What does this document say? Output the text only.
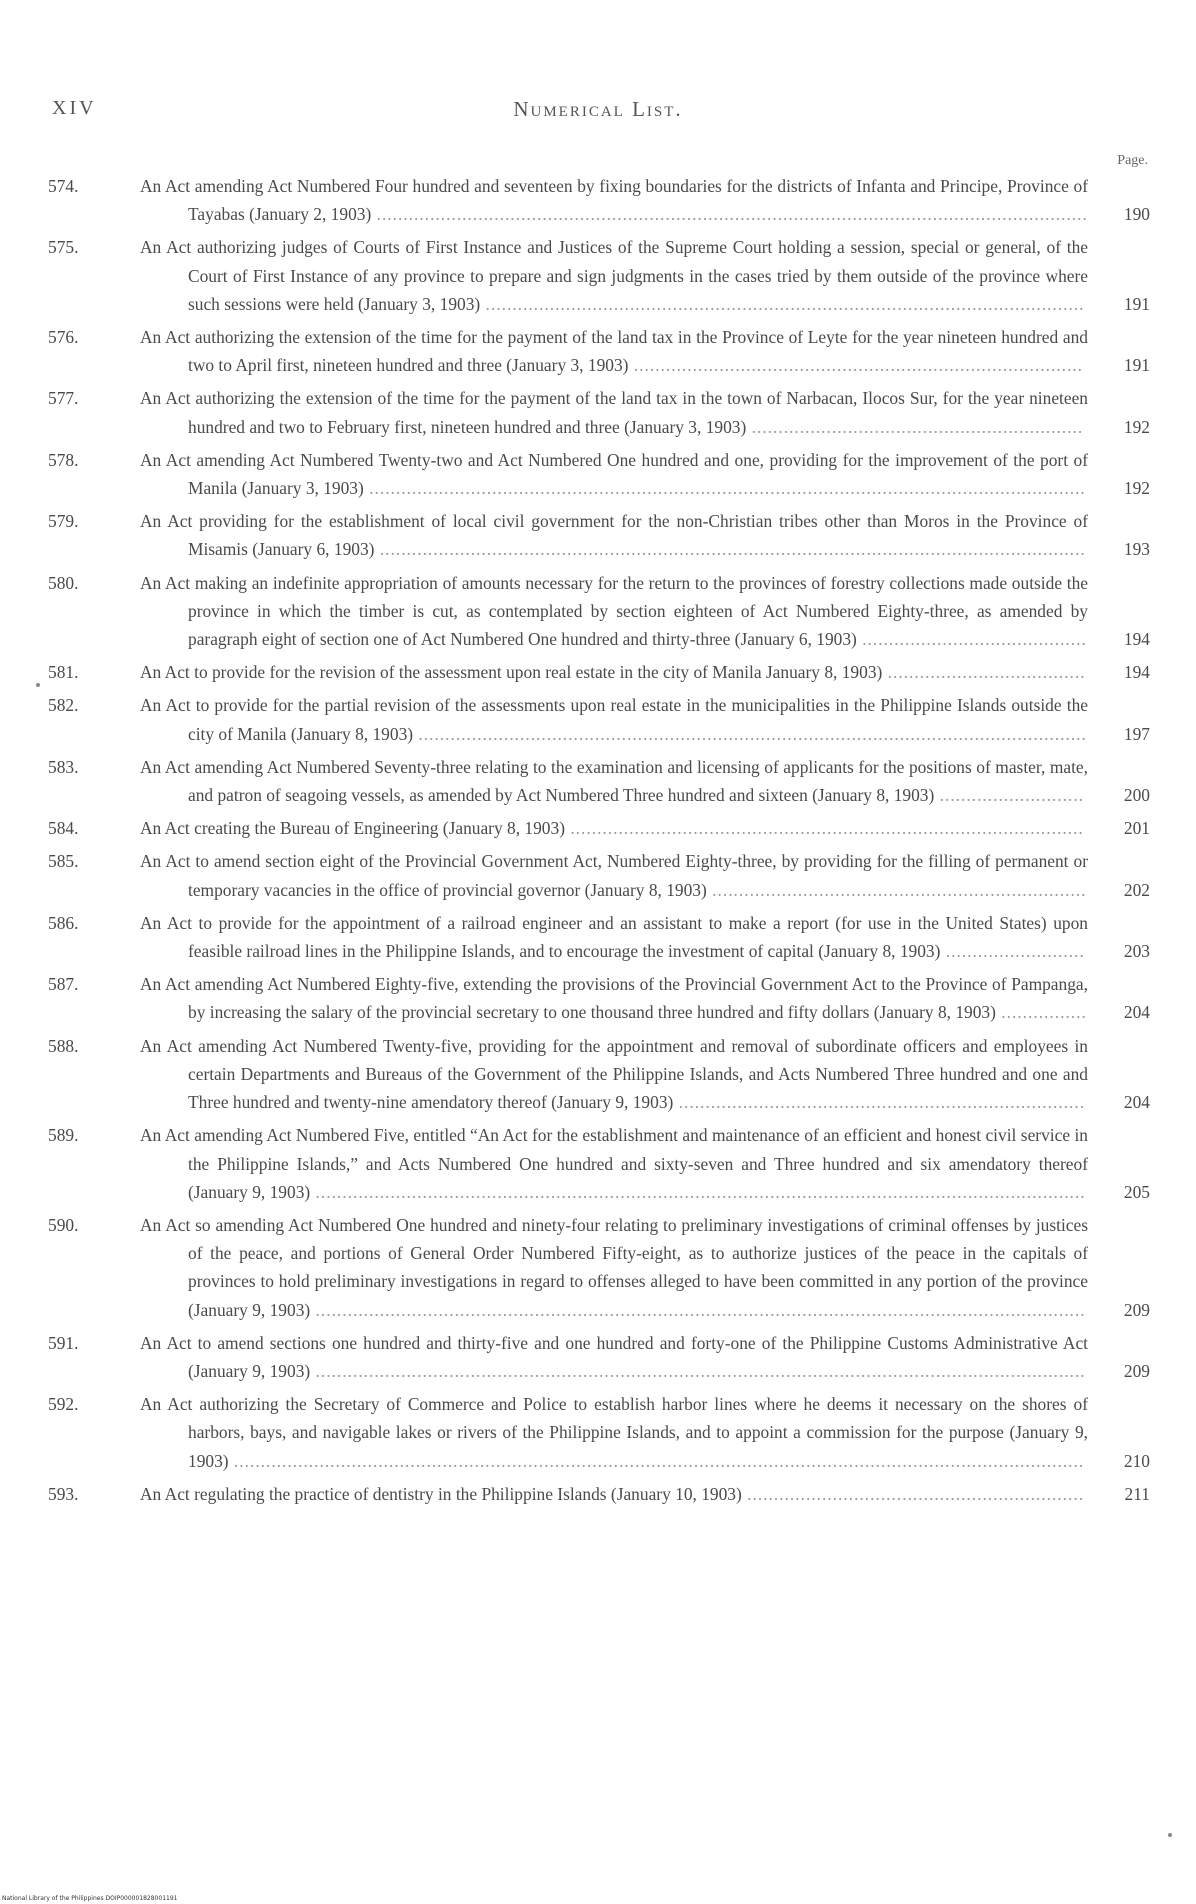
XIV	Numerical List.
Page.
574.	An Act amending Act Numbered Four hundred and seventeen by fixing boundaries for the districts of Infanta and Principe, Province of Tayabas (January 2, 1903) .....................................................................................................................................	190
575.	An Act authorizing judges of Courts of First Instance and Justices of the Supreme Court holding a session, special or general, of the Court of First Instance of any province to prepare and sign judgments in the cases tried by them outside of the province where such sessions were held (January 3, 1903) ................................................................................................................	191
576.	An Act authorizing the extension of the time for the payment of the land tax in the Province of Leyte for the year nineteen hundred and two to April first, nineteen hundred and three (January 3, 1903) ....................................................................................	191
577.	An Act authorizing the extension of the time for the payment of the land tax in the town of Narbacan, Ilocos Sur, for the year nineteen hundred and two to February first, nineteen hundred and three (January 3, 1903) ..............................................................	192
578.	An Act amending Act Numbered Twenty-two and Act Numbered One hundred and one, providing for the improvement of the port of Manila (January 3, 1903) ......................................................................................................................................	192
579.	An Act providing for the establishment of local civil government for the non-Christian tribes other than Moros in the Province of Misamis (January 6, 1903) ....................................................................................................................................	193
580.	An Act making an indefinite appropriation of amounts necessary for the return to the provinces of forestry collections made outside the province in which the timber is cut, as contemplated by section eighteen of Act Numbered Eighty-three, as amended by paragraph eight of section one of Act Numbered One hundred and thirty-three (January 6, 1903) ..........................................	194
581.	An Act to provide for the revision of the assessment upon real estate in the city of Manila January 8, 1903) .....................................	194
582.	An Act to provide for the partial revision of the assessments upon real estate in the municipalities in the Philippine Islands outside the city of Manila (January 8, 1903) .............................................................................................................................	197
583.	An Act amending Act Numbered Seventy-three relating to the examination and licensing of applicants for the positions of master, mate, and patron of seagoing vessels, as amended by Act Numbered Three hundred and sixteen (January 8, 1903) ...........................	200
584.	An Act creating the Bureau of Engineering (January 8, 1903) ................................................................................................	201
585.	An Act to amend section eight of the Provincial Government Act, Numbered Eighty-three, by providing for the filling of permanent or temporary vacancies in the office of provincial governor (January 8, 1903) ......................................................................	202
586.	An Act to provide for the appointment of a railroad engineer and an assistant to make a report (for use in the United States) upon feasible railroad lines in the Philippine Islands, and to encourage the investment of capital (January 8, 1903) ..........................	203
587.	An Act amending Act Numbered Eighty-five, extending the provisions of the Provincial Government Act to the Province of Pampanga, by increasing the salary of the provincial secretary to one thousand three hundred and fifty dollars (January 8, 1903) ................	204
588.	An Act amending Act Numbered Twenty-five, providing for the appointment and removal of subordinate officers and employees in certain Departments and Bureaus of the Government of the Philippine Islands, and Acts Numbered Three hundred and one and Three hundred and twenty-nine amendatory thereof (January 9, 1903) ............................................................................	204
589.	An Act amending Act Numbered Five, entitled “An Act for the establishment and maintenance of an efficient and honest civil service in the Philippine Islands,” and Acts Numbered One hundred and sixty-seven and Three hundred and six amendatory thereof (January 9, 1903) ................................................................................................................................................	205
590.	An Act so amending Act Numbered One hundred and ninety-four relating to preliminary investigations of criminal offenses by justices of the peace, and portions of General Order Numbered Fifty-eight, as to authorize justices of the peace in the capitals of provinces to hold preliminary investigations in regard to offenses alleged to have been committed in any portion of the province (January 9, 1903) ................................................................................................................................................	209
591.	An Act to amend sections one hundred and thirty-five and one hundred and forty-one of the Philippine Customs Administrative Act (January 9, 1903) ................................................................................................................................................	209
592.	An Act authorizing the Secretary of Commerce and Police to establish harbor lines where he deems it necessary on the shores of harbors, bays, and navigable lakes or rivers of the Philippine Islands, and to appoint a commission for the purpose (January 9, 1903) ...............................................................................................................................................................	210
593.	An Act regulating the practice of dentistry in the Philippine Islands (January 10, 1903) ...............................................................	211
National Library of the Philippines DOIP000001828001191
